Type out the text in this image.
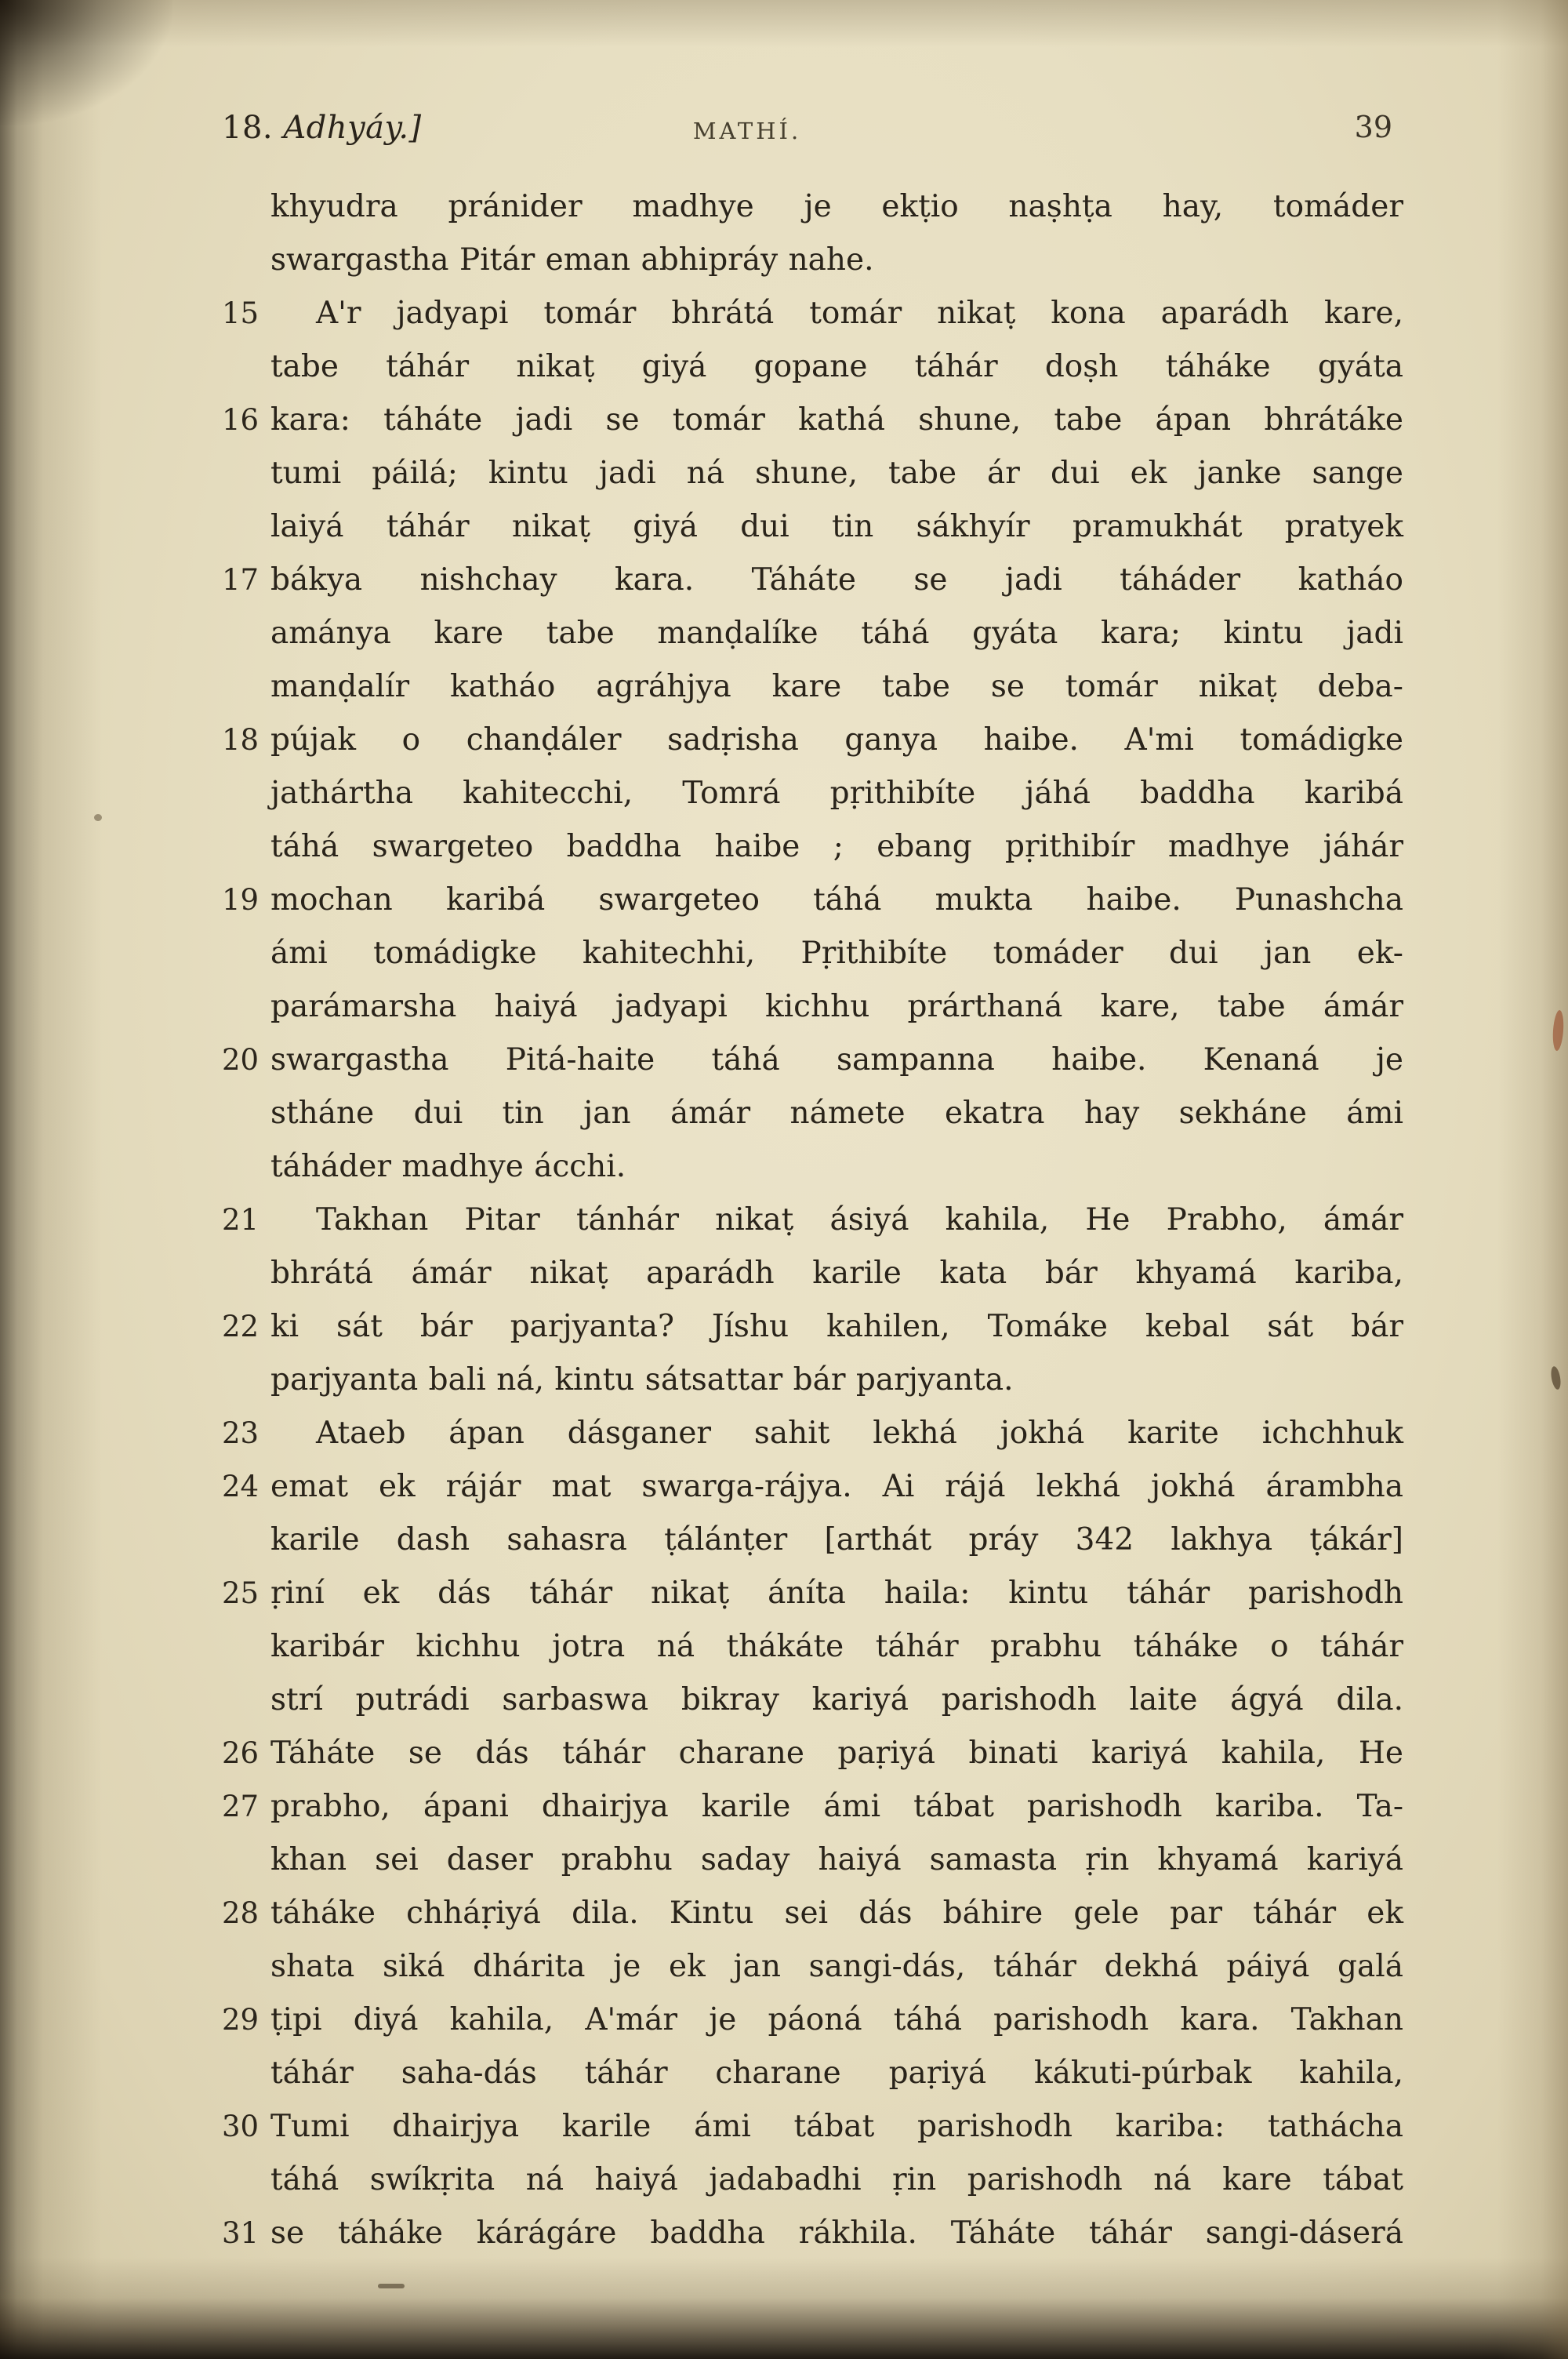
18. Adhyáy.]	MATHÍ.	39
khyudra pránider madhye je ekṭio naṣhṭa hay, tomáder
swargastha Pitár eman abhipráy nahe.
15	A'r jadyapi tomár bhrátá tomár nikaṭ kona aparádh kare,
tabe táhár nikaṭ giyá gopane táhár doṣh táháke gyáta
16 kara: táháte jadi se tomár kathá shune, tabe ápan bhrátáke
tumi páilá; kintu jadi ná shune, tabe ár dui ek janke sange
laiyá táhár nikaṭ giyá dui tin sákhyír pramukhát pratyek
17 bákya nishchay kara. Táháte se jadi táháder katháo
amánya kare tabe manḍalíke táhá gyáta kara; kintu jadi
manḍalír katháo agráhjya kare tabe se tomár nikaṭ deba-
18 pújak o chanḍáler sadṛisha ganya haibe. A'mi tomádigke
jathártha kahitecchi, Tomrá pṛithibíte jáhá baddha karibá
táhá swargeteo baddha haibe ; ebang pṛithibír madhye jáhár
19 mochan karibá swargeteo táhá mukta haibe. Punashcha
ámi tomádigke kahitechhi, Pṛithibíte tomáder dui jan ek-
parámarsha haiyá jadyapi kichhu prárthaná kare, tabe ámár
20 swargastha Pitá-haite táhá sampanna haibe. Kenaná je
stháne dui tin jan ámár námete ekatra hay sekháne ámi
táháder madhye ácchi.
21	Takhan Pitar tánhár nikaṭ ásiyá kahila, He Prabho, ámár
bhrátá ámár nikaṭ aparádh karile kata bár khyamá kariba,
22 ki sát bár parjyanta? Jíshu kahilen, Tomáke kebal sát bár
parjyanta bali ná, kintu sátsattar bár parjyanta.
23	Ataeb ápan dásganer sahit lekhá jokhá karite ichchhuk
24 emat ek rájár mat swarga-rájya. Ai rájá lekhá jokhá árambha
karile dash sahasra ṭálánṭer [arthát práy 342 lakhya ṭákár]
25 ṛiní ek dás táhár nikaṭ áníta haila: kintu táhár parishodh
karibár kichhu jotra ná thákáte táhár prabhu táháke o táhár
strí putrádi sarbaswa bikray kariyá parishodh laite ágyá dila.
26 Táháte se dás táhár charane paṛiyá binati kariyá kahila, He
27 prabho, ápani dhairjya karile ámi tábat parishodh kariba. Ta-
khan sei daser prabhu saday haiyá samasta ṛin khyamá kariyá
28 táháke chháṛiyá dila. Kintu sei dás báhire gele par táhár ek
shata siká dhárita je ek jan sangi-dás, táhár dekhá páiyá galá
29 ṭipi diyá kahila, A'már je páoná táhá parishodh kara. Takhan
táhár saha-dás táhár charane paṛiyá kákuti-púrbak kahila,
30 Tumi dhairjya karile ámi tábat parishodh kariba: tathácha
táhá swíkṛita ná haiyá jadabadhi ṛin parishodh ná kare tábat
31 se táháke kárágáre baddha rákhila. Táháte táhár sangi-dáserá
